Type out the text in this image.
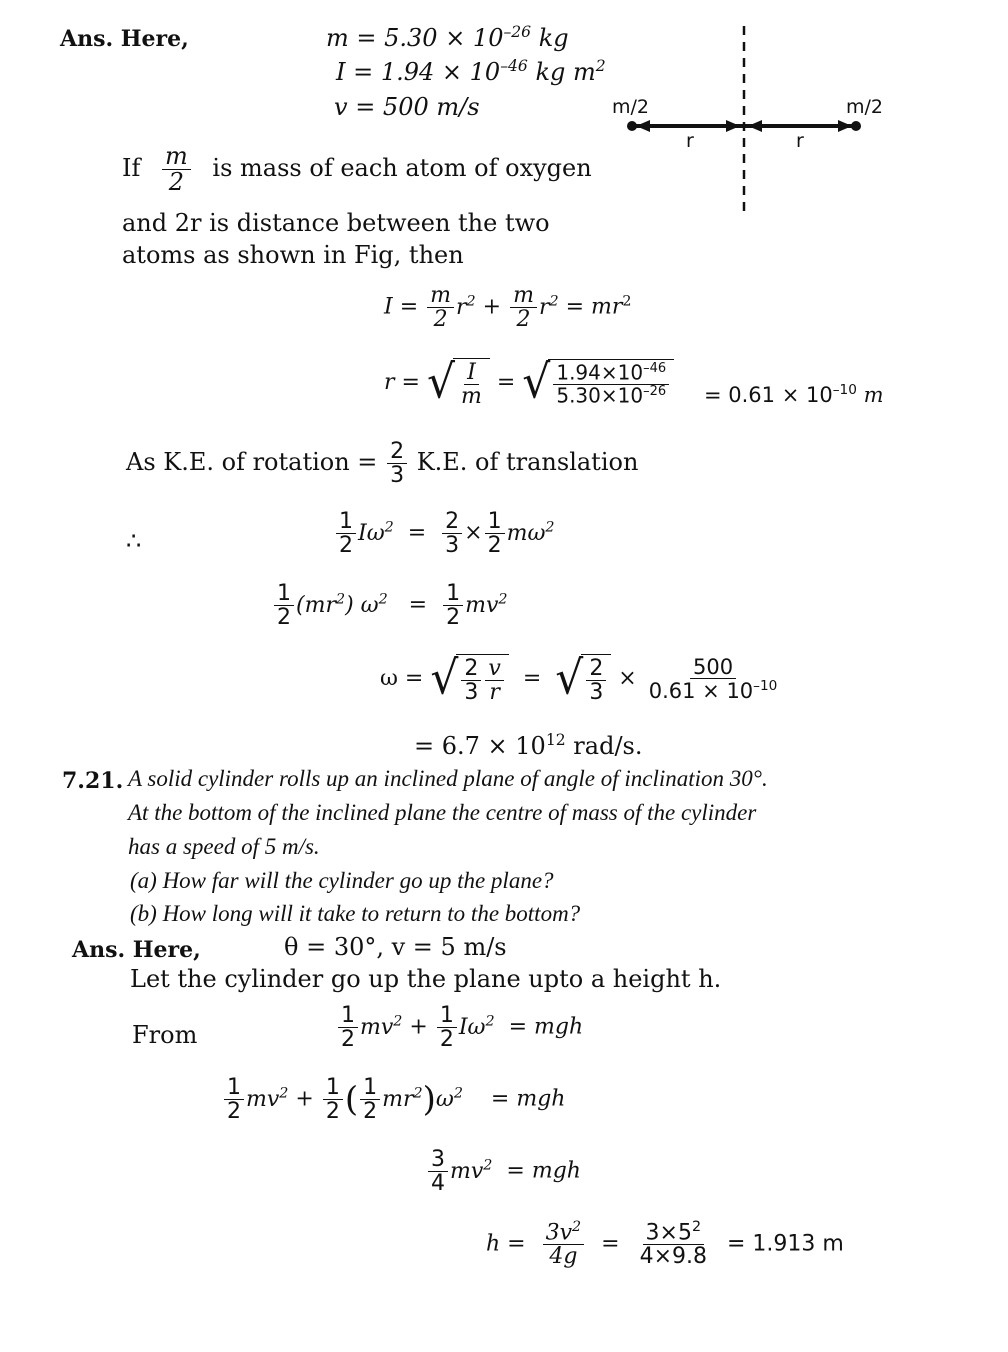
Ans. Here,	$m = 5.30 \times 10^{-26}$ kg
$I = 1.94 \times 10^{-46}$ kg $m^2$
v = 500 m/s	m/2	m/2
r	r
If $\frac{m}{2}$ is mass of each atom of oxygen
and 2r is distance between the two
atoms as shown in Fig, then
$I = \frac{m}{2} r^2 + \frac{m}{2} r^2 = mr^2$
r = √ $\frac{I}{m}$ = √ $\frac{1.94\times 10^{-46}}{5.30\times 10^{-26}} = 0.61 \times 10^{-10}$ m
As K.E. of rotation = $\frac{2}{3} K.E$. of translation
∴	$\frac{1}{2} I\omega^2 = \frac{2}{3} \times \frac{1}{2} m\omega^2$
$\frac{1}{2} (mr^2) \omega^2 = \frac{1}{2} mv^2$
ω = √ $\frac{2}{3} \frac{v}{r}$ = √ $\frac{2}{3} \times \frac{500}{0.61 \times 10^{-10}}$
= $6.7 \times 10^{12}$ rad/s.
7.21. A solid cylinder rolls up an inclined plane of angle of inclination 30°.
At the bottom of the inclined plane the centre of mass of the cylinder
has a speed of 5 m/s.
(a) How far will the cylinder go up the plane?
(b) How long will it take to return to the bottom?
Ans. Here,	θ = 30°, v = 5 m/s
Let the cylinder go up the plane upto a height h.
From	$\frac{1}{2} mv^2 + \frac{1}{2} I\omega^2$ = mgh
$\frac{1}{2} mv^2 + \frac{1}{2}$ ( $\frac{1}{2} mr^2)\omega^2$ = mgh
$\frac{3}{4} mv^2$ = mgh
$h = \frac{3v^2}{4g} = \frac{3\times 5^2}{4\times 9.8} = 1.913$ m
